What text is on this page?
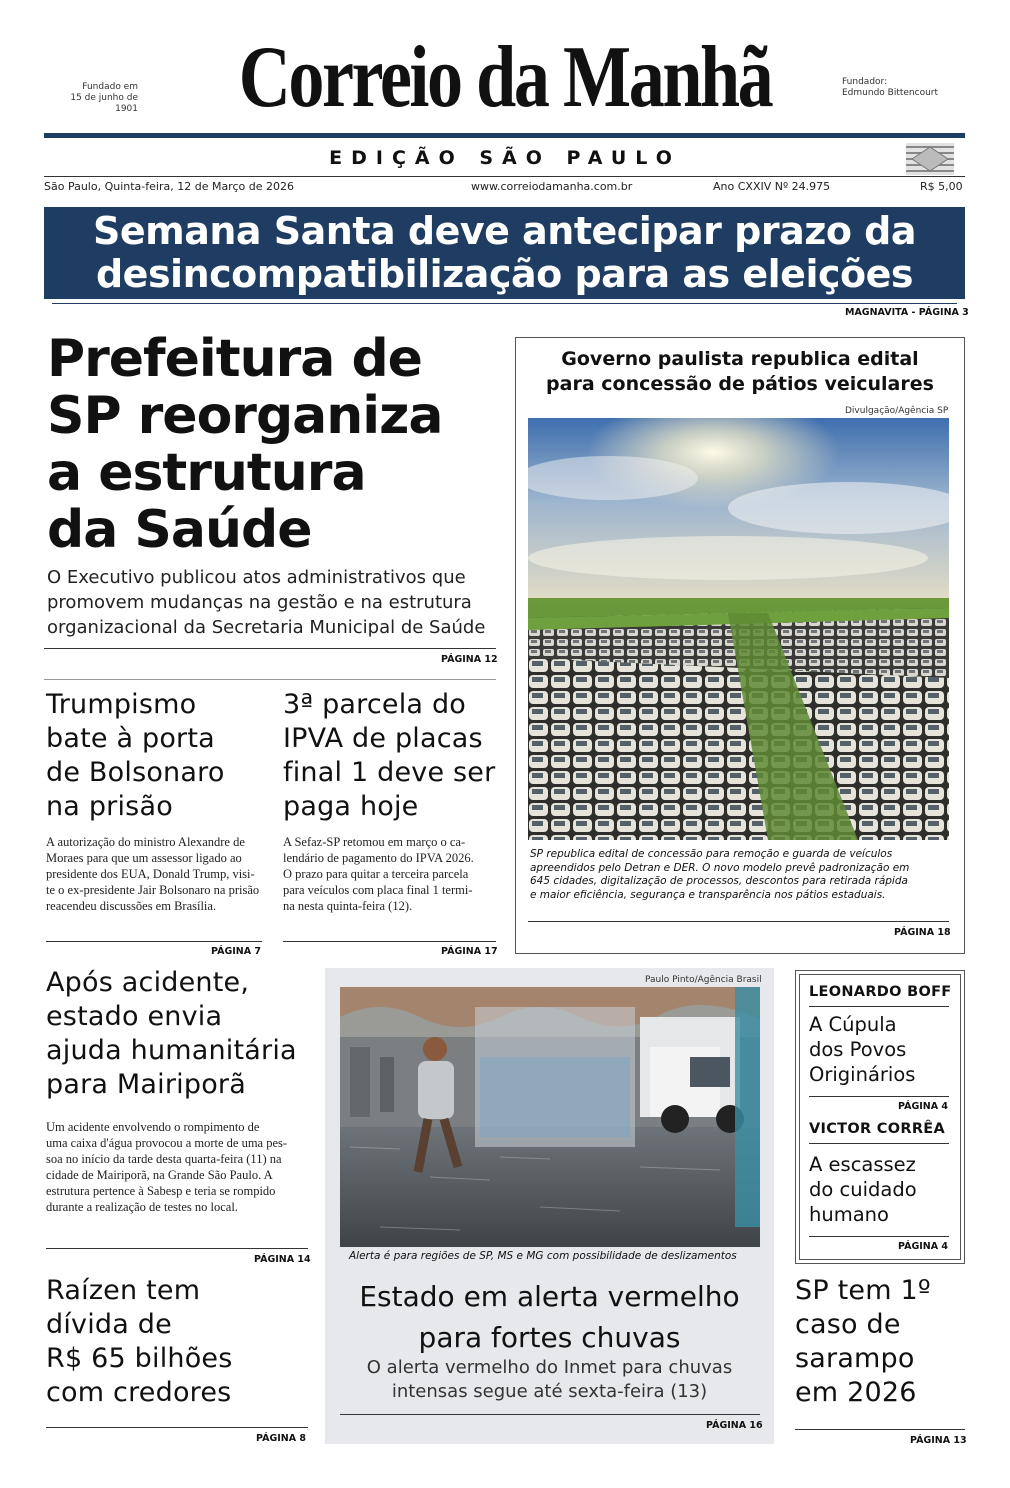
Fundado em
15 de junho de 1901	Correio da Manhã	Fundador:
Edmundo Bittencourt
EDIÇÃO SÃO PAULO
São Paulo, Quinta-feira, 12 de Março de 2026	www.correiodamanha.com.br	Ano CXXIV Nº 24.975	R$ 5,00
Semana Santa deve antecipar prazo da
desincompatibilização para as eleições
MAGNAVITA - PÁGINA 3
Prefeitura de
SP reorganiza
a estrutura
da Saúde
O Executivo publicou atos administrativos que
promovem mudanças na gestão e na estrutura
organizacional da Secretaria Municipal de Saúde
PÁGINA 12
Governo paulista republica edital
para concessão de pátios veiculares
Divulgação/Agência SP
SP republica edital de concessão para remoção e guarda de veículos
apreendidos pelo Detran e DER. O novo modelo prevê padronização em
645 cidades, digitalização de processos, descontos para retirada rápida
e maior eficiência, segurança e transparência nos pátios estaduais.
PÁGINA 18
Trumpismo
bate à porta
de Bolsonaro
na prisão
A autorização do ministro Alexandre de
Moraes para que um assessor ligado ao
presidente dos EUA, Donald Trump, visi-
te o ex-presidente Jair Bolsonaro na prisão
reacendeu discussões em Brasília.
PÁGINA 7
3ª parcela do
IPVA de placas
final 1 deve ser
paga hoje
A Sefaz-SP retomou em março o ca-
lendário de pagamento do IPVA 2026.
O prazo para quitar a terceira parcela
para veículos com placa final 1 termi-
na nesta quinta-feira (12).
PÁGINA 17
Após acidente,
estado envia
ajuda humanitária
para Mairiporã
Um acidente envolvendo o rompimento de
uma caixa d'água provocou a morte de uma pes-
soa no início da tarde desta quarta-feira (11) na
cidade de Mairiporã, na Grande São Paulo. A
estrutura pertence à Sabesp e teria se rompido
durante a realização de testes no local.
PÁGINA 14
Raízen tem
dívida de
R$ 65 bilhões
com credores
PÁGINA 8
Paulo Pinto/Agência Brasil
Alerta é para regiões de SP, MS e MG com possibilidade de deslizamentos
Estado em alerta vermelho
para fortes chuvas
O alerta vermelho do Inmet para chuvas
intensas segue até sexta-feira (13)
PÁGINA 16
LEONARDO BOFF
A Cúpula
dos Povos
Originários
PÁGINA 4
VICTOR CORRÊA
A escassez
do cuidado
humano
PÁGINA 4
SP tem 1º
caso de
sarampo
em 2026
PÁGINA 13
